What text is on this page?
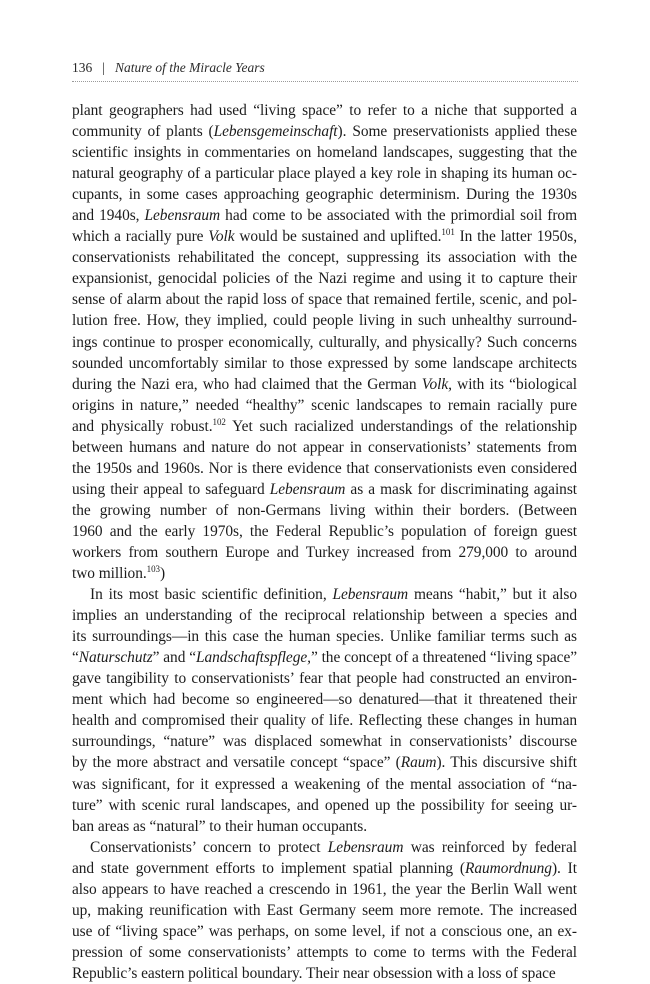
136 | Nature of the Miracle Years

plant geographers had used “living space” to refer to a niche that supported a
community of plants (Lebensgemeinschaft). Some preservationists applied these
scientific insights in commentaries on homeland landscapes, suggesting that the
natural geography of a particular place played a key role in shaping its human oc-
cupants, in some cases approaching geographic determinism. During the 1930s
and 1940s, Lebensraum had come to be associated with the primordial soil from
which a racially pure Volk would be sustained and uplifted.$^{101}$ In the latter 1950s,
conservationists rehabilitated the concept, suppressing its association with the
expansionist, genocidal policies of the Nazi regime and using it to capture their
sense of alarm about the rapid loss of space that remained fertile, scenic, and pol-
lution free. How, they implied, could people living in such unhealthy surround-
ings continue to prosper economically, culturally, and physically? Such concerns
sounded uncomfortably similar to those expressed by some landscape architects
during the Nazi era, who had claimed that the German Volk, with its “biological
origins in nature,” needed “healthy” scenic landscapes to remain racially pure
and physically robust.$^{102}$ Yet such racialized understandings of the relationship
between humans and nature do not appear in conservationists’ statements from
the 1950s and 1960s. Nor is there evidence that conservationists even considered
using their appeal to safeguard Lebensraum as a mask for discriminating against
the growing number of non-Germans living within their borders. (Between
1960 and the early 1970s, the Federal Republic’s population of foreign guest
workers from southern Europe and Turkey increased from 279,000 to around
two million.$^{103}$)

In its most basic scientific definition, Lebensraum means “habit,” but it also
implies an understanding of the reciprocal relationship between a species and
its surroundings—in this case the human species. Unlike familiar terms such as
“Naturschutz” and “Landschaftspflege,” the concept of a threatened “living space”
gave tangibility to conservationists’ fear that people had constructed an environ-
ment which had become so engineered—so denatured—that it threatened their
health and compromised their quality of life. Reflecting these changes in human
surroundings, “nature” was displaced somewhat in conservationists’ discourse
by the more abstract and versatile concept “space” (Raum). This discursive shift
was significant, for it expressed a weakening of the mental association of “na-
ture” with scenic rural landscapes, and opened up the possibility for seeing ur-
ban areas as “natural” to their human occupants.

Conservationists’ concern to protect Lebensraum was reinforced by federal
and state government efforts to implement spatial planning (Raumordnung). It
also appears to have reached a crescendo in 1961, the year the Berlin Wall went
up, making reunification with East Germany seem more remote. The increased
use of “living space” was perhaps, on some level, if not a conscious one, an ex-
pression of some conservationists’ attempts to come to terms with the Federal
Republic’s eastern political boundary. Their near obsession with a loss of space
